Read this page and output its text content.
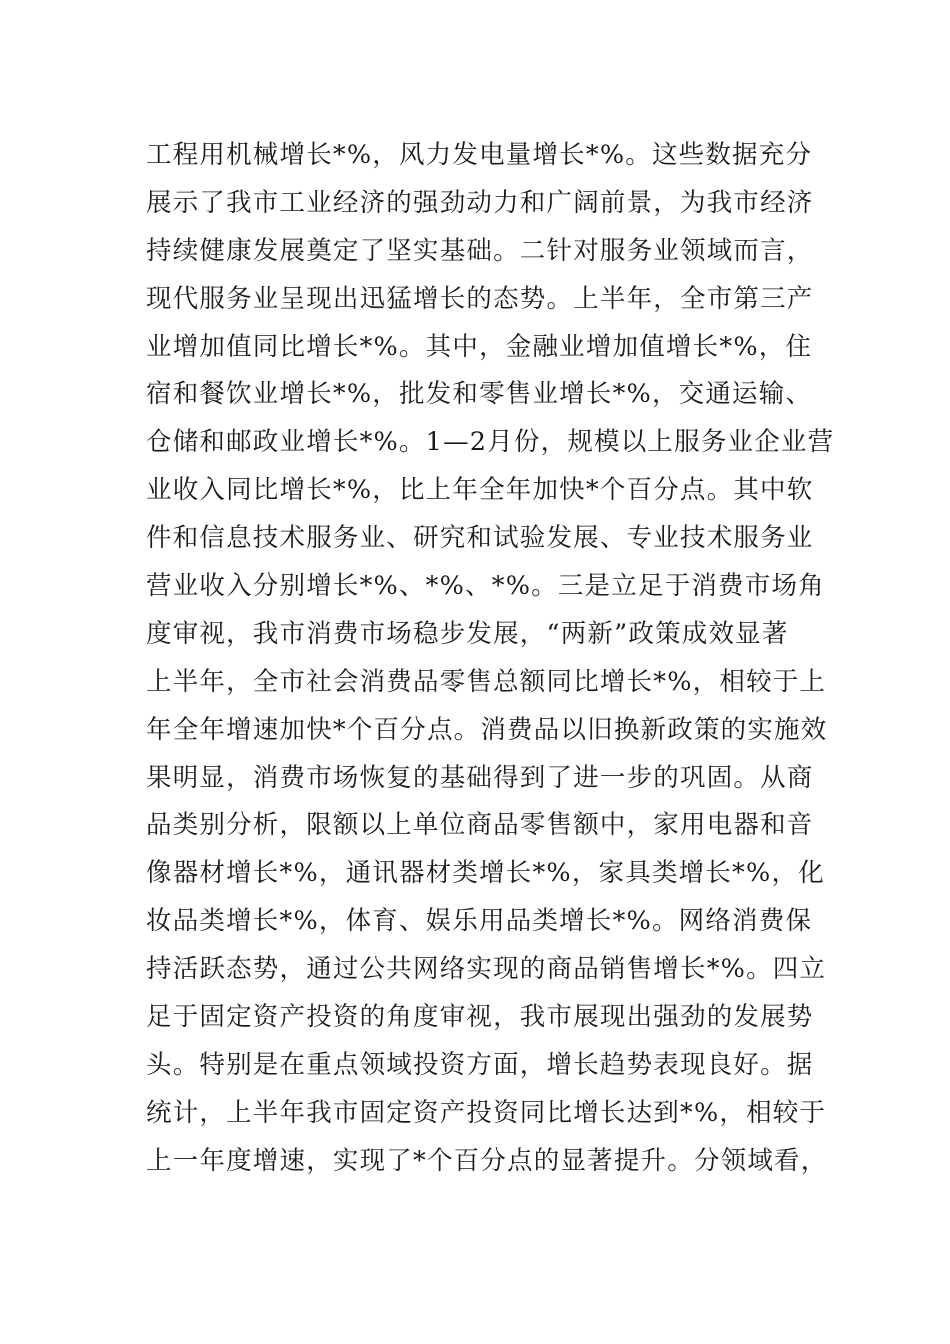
工程用机械增长*%，风力发电量增长*%。这些数据充分
展示了我市工业经济的强劲动力和广阔前景，为我市经济
持续健康发展奠定了坚实基础。二针对服务业领域而言，
现代服务业呈现出迅猛增长的态势。上半年，全市第三产
业增加值同比增长*%。其中，金融业增加值增长*%，住
宿和餐饮业增长*%，批发和零售业增长*%，交通运输、
仓储和邮政业增长*%。1—2月份，规模以上服务业企业营
业收入同比增长*%，比上年全年加快*个百分点。其中软
件和信息技术服务业、研究和试验发展、专业技术服务业
营业收入分别增长*%、*%、*%。三是立足于消费市场角
度审视，我市消费市场稳步发展，“两新”政策成效显著
上半年，全市社会消费品零售总额同比增长*%，相较于上
年全年增速加快*个百分点。消费品以旧换新政策的实施效
果明显，消费市场恢复的基础得到了进一步的巩固。从商
品类别分析，限额以上单位商品零售额中，家用电器和音
像器材增长*%，通讯器材类增长*%，家具类增长*%，化
妆品类增长*%，体育、娱乐用品类增长*%。网络消费保
持活跃态势，通过公共网络实现的商品销售增长*%。四立
足于固定资产投资的角度审视，我市展现出强劲的发展势
头。特别是在重点领域投资方面，增长趋势表现良好。据
统计，上半年我市固定资产投资同比增长达到*%，相较于
上一年度增速，实现了*个百分点的显著提升。分领域看，
